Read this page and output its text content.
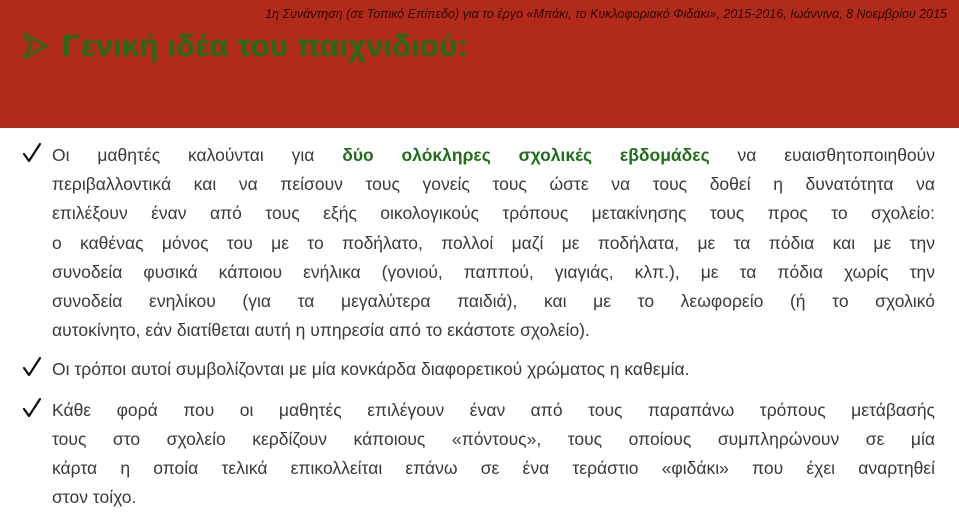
1η Συνάντηση (σε Τοπικό Επίπεδο) για το έργο «Μπάκι, το Κυκλοφοριακό Φιδάκι», 2015-2016, Ιωάννινα, 8 Νοεμβρίου 2015
Γενική ιδέα του παιχνιδιού:
Οι μαθητές καλούνται για δύο ολόκληρες σχολικές εβδομάδες να ευαισθητοποιηθούν
περιβαλλοντικά και να πείσουν τους γονείς τους ώστε να τους δοθεί η δυνατότητα να
επιλέξουν έναν από τους εξής οικολογικούς τρόπους μετακίνησης τους προς το σχολείο:
ο καθένας μόνος του με το ποδήλατο, πολλοί μαζί με ποδήλατα, με τα πόδια και με την
συνοδεία φυσικά κάποιου ενήλικα (γονιού, παππού, γιαγιάς, κλπ.), με τα πόδια χωρίς την
συνοδεία ενηλίκου (για τα μεγαλύτερα παιδιά), και με το λεωφορείο (ή το σχολικό
αυτοκίνητο, εάν διατίθεται αυτή η υπηρεσία από το εκάστοτε σχολείο).
Οι τρόποι αυτοί συμβολίζονται με μία κονκάρδα διαφορετικού χρώματος η καθεμία.
Κάθε φορά που οι μαθητές επιλέγουν έναν από τους παραπάνω τρόπους μετάβασής
τους στο σχολείο κερδίζουν κάποιους «πόντους», τους οποίους συμπληρώνουν σε μία
κάρτα η οποία τελικά επικολλείται επάνω σε ένα τεράστιο «φιδάκι» που έχει αναρτηθεί
στον τοίχο.
